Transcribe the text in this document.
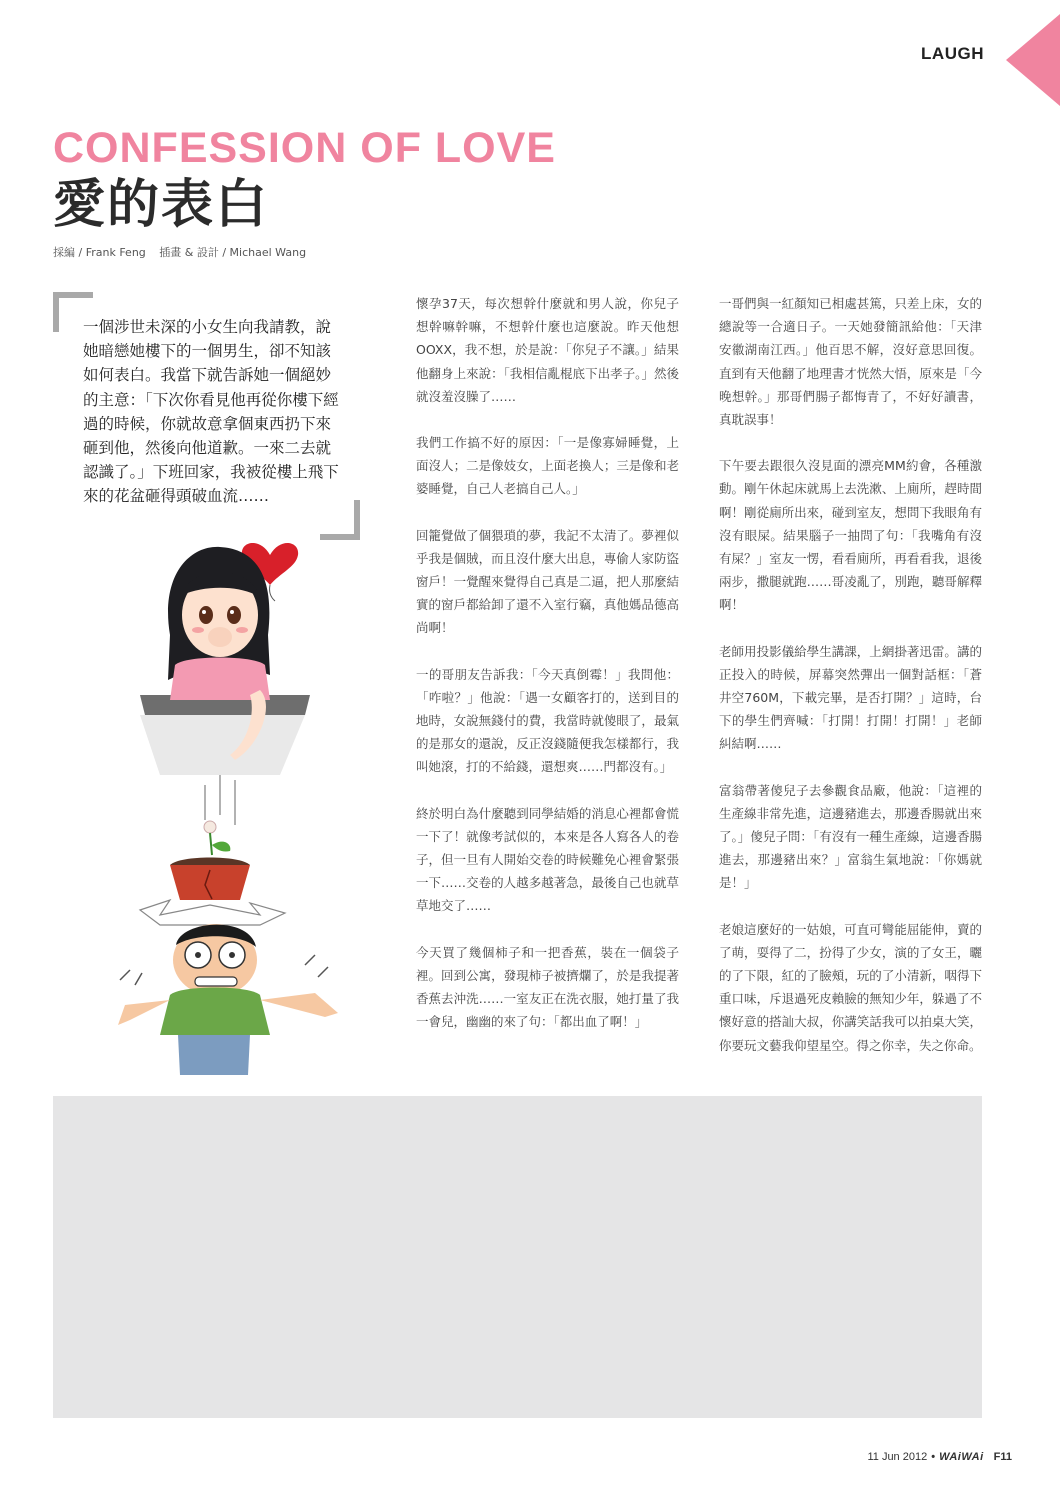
LAUGH
CONFESSION OF LOVE
愛的表白
採編 / Frank Feng 插畫 & 設計 / Michael Wang
一個涉世未深的小女生向我請教，說她暗戀她樓下的一個男生，卻不知該如何表白。我當下就告訴她一個絕妙的主意：「下次你看見他再從你樓下經過的時候，你就故意拿個東西扔下來砸到他，然後向他道歉。一來二去就認識了。」下班回家，我被從樓上飛下來的花盆砸得頭破血流……

懷孕37天，每次想幹什麼就和男人說，你兒子想幹嘛幹嘛，不想幹什麼也這麼說。昨天他想OOXX，我不想，於是說：「你兒子不讓。」結果他翻身上來說：「我相信亂棍底下出孝子。」然後就沒羞沒臊了……

我們工作搞不好的原因：「一是像寡婦睡覺，上面沒人；二是像妓女，上面老換人；三是像和老婆睡覺，自己人老搞自己人。」

回籠覺做了個猥瑣的夢，我記不太清了。夢裡似乎我是個賊，而且沒什麼大出息，專偷人家防盜窗戶！一覺醒來覺得自己真是二逼，把人那麼結實的窗戶都給卸了還不入室行竊，真他媽品德高尚啊！

一的哥朋友告訴我：「今天真倒霉！」我問他：「咋啦？」他說：「遇一女顧客打的，送到目的地時，女說無錢付的費，我當時就傻眼了，最氣的是那女的還說，反正沒錢隨便我怎樣都行，我叫她滾，打的不給錢，還想爽……門都沒有。」

終於明白為什麼聽到同學結婚的消息心裡都會慌一下了！就像考試似的，本來是各人寫各人的卷子，但一旦有人開始交卷的時候難免心裡會緊張一下……交卷的人越多越著急，最後自己也就草草地交了……

今天買了幾個柿子和一把香蕉，裝在一個袋子裡。回到公寓，發現柿子被擠爛了，於是我提著香蕉去沖洗……一室友正在洗衣服，她打量了我一會兒，幽幽的來了句：「都出血了啊！」

一哥們與一紅顏知已相處甚篤，只差上床，女的總說等一合適日子。一天她發簡訊給他：「天津安徽湖南江西。」他百思不解，沒好意思回復。直到有天他翻了地理書才恍然大悟，原來是「今晚想幹。」那哥們腸子都悔青了，不好好讀書，真耽誤事！

下午要去跟很久沒見面的漂亮MM約會，各種激動。剛午休起床就馬上去洗漱、上廁所，趕時間啊！剛從廁所出來，碰到室友，想問下我眼角有沒有眼屎。結果腦子一抽問了句：「我嘴角有沒有屎？」室友一愣，看看廁所，再看看我，退後兩步，撒腿就跑……哥凌亂了，別跑，聽哥解釋啊！

老師用投影儀給學生講課，上網掛著迅雷。講的正投入的時候，屏幕突然彈出一個對話框：「蒼井空760M，下載完畢，是否打開？」這時，台下的學生們齊喊：「打開！打開！打開！」老師糾結啊……

富翁帶著傻兒子去參觀食品廠，他說：「這裡的生產線非常先進，這邊豬進去，那邊香腸就出來了。」傻兒子問：「有沒有一種生產線，這邊香腸進去，那邊豬出來？」富翁生氣地說：「你媽就是！」

老娘這麼好的一姑娘，可直可彎能屈能伸，賣的了萌，耍得了二，扮得了少女，演的了女王，曬的了下限，紅的了臉頰，玩的了小清新，咽得下重口味，斥退過死皮賴臉的無知少年，躲過了不懷好意的搭訕大叔，你講笑話我可以拍桌大笑，你要玩文藝我仰望星空。得之你幸，失之你命。

11 Jun 2012 • WAiWAi F11
